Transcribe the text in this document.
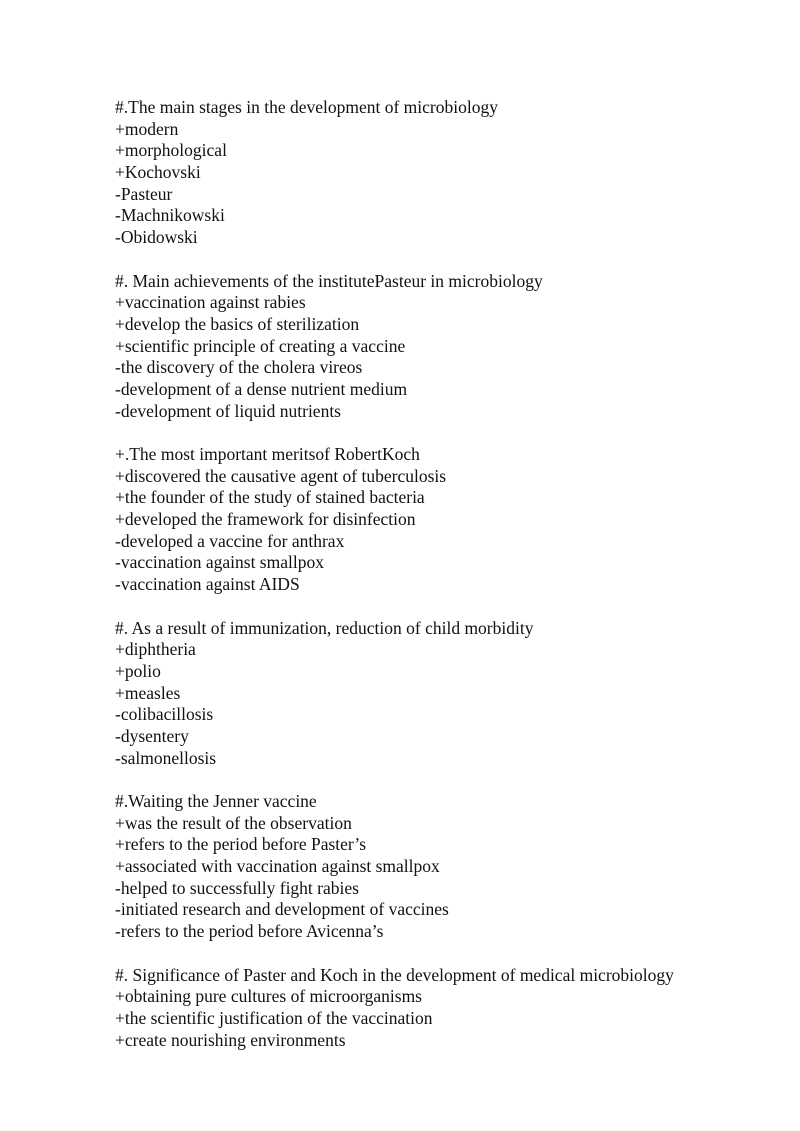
#.The main stages in the development of microbiology
+modern
+morphological
+Kochovski
-Pasteur
-Machnikowski
-Obidowski
#. Main achievements of the institutePasteur in microbiology
+vaccination against rabies
+develop the basics of sterilization
+scientific principle of creating a vaccine
-the discovery of the cholera vireos
-development of a dense nutrient medium
-development of liquid nutrients
+.The most important meritsof RobertKoch
+discovered the causative agent of tuberculosis
+the founder of the study of stained bacteria
+developed the framework for disinfection
-developed a vaccine for anthrax
-vaccination against smallpox
-vaccination against AIDS
#. As a result of immunization, reduction of child morbidity
+diphtheria
+polio
+measles
-colibacillosis
-dysentery
-salmonellosis
#.Waiting the Jenner vaccine
+was the result of the observation
+refers to the period before Paster’s
+associated with vaccination against smallpox
-helped to successfully fight rabies
-initiated research and development of vaccines
-refers to the period before Avicenna’s
#. Significance of Paster and Koch in the development of medical microbiology
+obtaining pure cultures of microorganisms
+the scientific justification of the vaccination
+create nourishing environments
